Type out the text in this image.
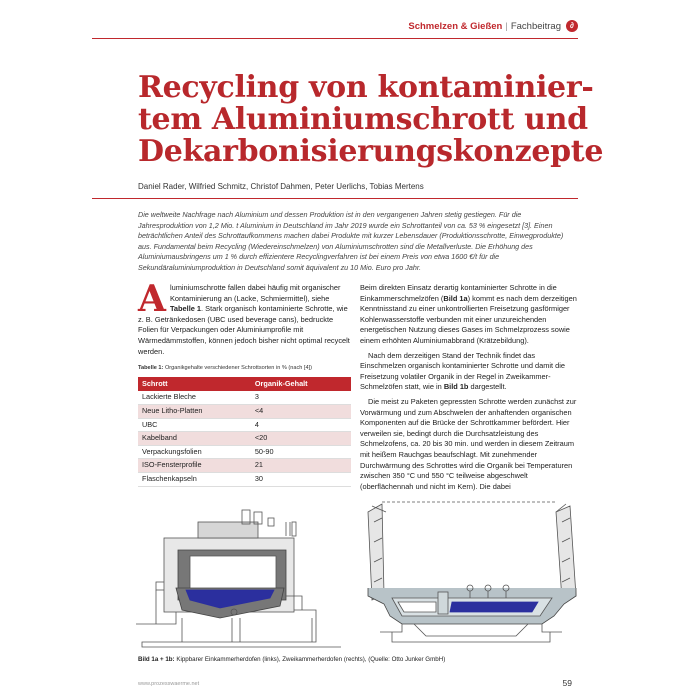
Schmelzen & Gießen | Fachbeitrag	∂
Recycling von kontaminier-
tem Aluminiumschrott und
Dekarbonisierungskonzepte
Daniel Rader, Wilfried Schmitz, Christof Dahmen, Peter Uerlichs, Tobias Mertens
Die weltweite Nachfrage nach Aluminium und dessen Produktion ist in den vergangenen Jahren stetig gestiegen. Für die Jahresproduktion von 1,2 Mio. t Aluminium in Deutschland im Jahr 2019 wurde ein Schrottanteil von ca. 53 % eingesetzt [3]. Einen beträchtlichen Anteil des Schrottaufkommens machen dabei Produkte mit kurzer Lebensdauer (Produktionsschrotte, Einwegprodukte) aus. Fundamental beim Recycling (Wiedereinschmelzen) von Aluminiumschrotten sind die Metallverluste. Die Erhöhung des Aluminiumausbringens um 1 % durch effizientere Recyclingverfahren ist bei einem Preis von etwa 1600 €/t für die Sekundäraluminiumproduktion in Deutschland somit äquivalent zu 10 Mio. Euro pro Jahr.

Aluminiumschrotte fallen dabei häufig mit organischer Kontaminierung an (Lacke, Schmiermittel), siehe Tabelle 1. Stark organisch kontaminierte Schrotte, wie z. B. Getränkedosen (UBC used beverage cans), bedruckte Folien für Verpackungen oder Aluminiumprofile mit Wärmedämmstoffen, können jedoch bisher nicht optimal recycelt werden.

Tabelle 1: Organikgehalte verschiedener Schrottsorten in % (nach [4])
Schrott	Organik-Gehalt
Lackierte Bleche	3
Neue Litho-Platten	<4
UBC	4
Kabelband	<20
Verpackungsfolien	50-90
ISO-Fensterprofile	21
Flaschenkapseln	30

Beim direkten Einsatz derartig kontaminierter Schrotte in die Einkammerschmelzöfen (Bild 1a) kommt es nach dem derzeitigen Kenntnisstand zu einer unkontrollierten Freisetzung gasförmiger Kohlenwasserstoffe verbunden mit einer unzureichenden energetischen Nutzung dieses Gases im Schmelzprozess sowie einem erhöhten Aluminiumabbrand (Krätzebildung).

Nach dem derzeitigen Stand der Technik findet das Einschmelzen organisch kontaminierter Schrotte und damit die Freisetzung volatiler Organik in der Regel in Zweikammer-Schmelzöfen statt, wie in Bild 1b dargestellt.

Die meist zu Paketen gepressten Schrotte werden zunächst zur Vorwärmung und zum Abschwelen der anhaftenden organischen Komponenten auf die Brücke der Schrottkammer befördert. Hier verweilen sie, bedingt durch die Durchsatzleistung des Schmelzofens, ca. 20 bis 30 min. und werden in diesem Zeitraum mit heißem Rauchgas beaufschlagt. Mit zunehmender Durchwärmung des Schrottes wird die Organik bei Temperaturen zwischen 350 °C und 550 °C teilweise abgeschwelt (oberflächennah und nicht im Kern). Die dabei

Bild 1a + 1b: Kippbarer Einkammerherdofen (links), Zweikammerherdofen (rechts), (Quelle: Otto Junker GmbH)
www.prozesswaerme.net	59
